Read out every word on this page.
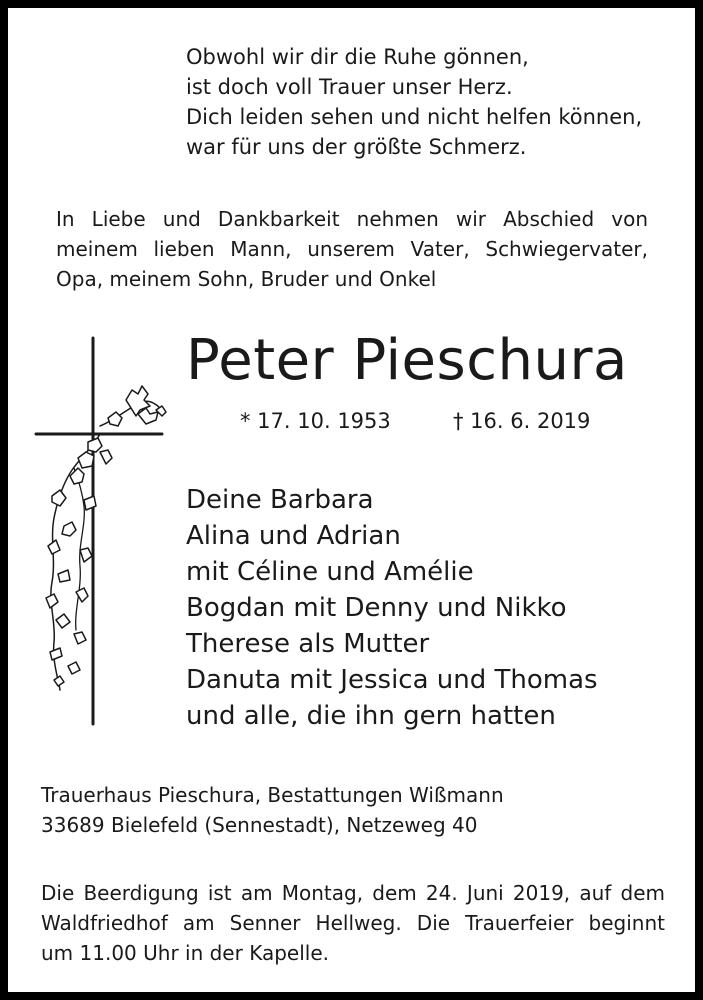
Obwohl wir dir die Ruhe gönnen,
ist doch voll Trauer unser Herz.
Dich leiden sehen und nicht helfen können,
war für uns der größte Schmerz.
In Liebe und Dankbarkeit nehmen wir Abschied von
meinem lieben Mann, unserem Vater, Schwiegervater,
Opa, meinem Sohn, Bruder und Onkel
Peter Pieschura
* 17. 10. 1953	† 16. 6. 2019
Deine Barbara
Alina und Adrian
mit Céline und Amélie
Bogdan mit Denny und Nikko
Therese als Mutter
Danuta mit Jessica und Thomas
und alle, die ihn gern hatten
Trauerhaus Pieschura, Bestattungen Wißmann
33689 Bielefeld (Sennestadt), Netzeweg 40
Die Beerdigung ist am Montag, dem 24. Juni 2019, auf dem
Waldfriedhof am Senner Hellweg. Die Trauerfeier beginnt
um 11.00 Uhr in der Kapelle.
